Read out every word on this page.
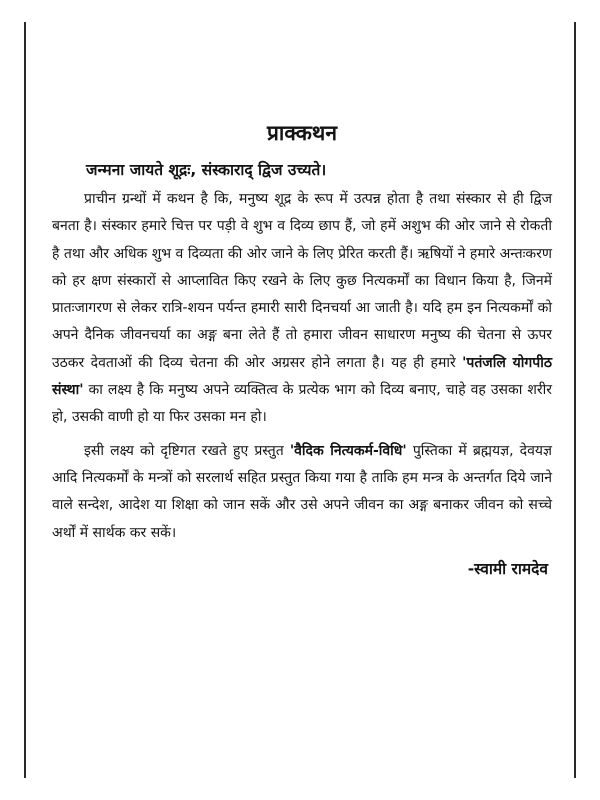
प्राक्कथन
जन्मना जायते शूद्रः, संस्काराद् द्विज उच्यते।

प्राचीन ग्रन्थों में कथन है कि, मनुष्य शूद्र के रूप में उत्पन्न होता है तथा संस्कार से ही द्विज बनता है। संस्कार हमारे चित्त पर पड़ी वे शुभ व दिव्य छाप हैं, जो हमें अशुभ की ओर जाने से रोकती है तथा और अधिक शुभ व दिव्यता की ओर जाने के लिए प्रेरित करती हैं। ऋषियों ने हमारे अन्तःकरण को हर क्षण संस्कारों से आप्लावित किए रखने के लिए कुछ नित्यकर्मों का विधान किया है, जिनमें प्रातःजागरण से लेकर रात्रि-शयन पर्यन्त हमारी सारी दिनचर्या आ जाती है। यदि हम इन नित्यकर्मों को अपने दैनिक जीवनचर्या का अङ्ग बना लेते हैं तो हमारा जीवन साधारण मनुष्य की चेतना से ऊपर उठकर देवताओं की दिव्य चेतना की ओर अग्रसर होने लगता है। यह ही हमारे 'पतंजलि योगपीठ संस्था' का लक्ष्य है कि मनुष्य अपने व्यक्तित्व के प्रत्येक भाग को दिव्य बनाए, चाहे वह उसका शरीर हो, उसकी वाणी हो या फिर उसका मन हो।

इसी लक्ष्य को दृष्टिगत रखते हुए प्रस्तुत 'वैदिक नित्यकर्म-विधि' पुस्तिका में ब्रह्मयज्ञ, देवयज्ञ आदि नित्यकर्मों के मन्त्रों को सरलार्थ सहित प्रस्तुत किया गया है ताकि हम मन्त्र के अन्तर्गत दिये जाने वाले सन्देश, आदेश या शिक्षा को जान सकें और उसे अपने जीवन का अङ्ग बनाकर जीवन को सच्चे अर्थों में सार्थक कर सकें।

-स्वामी रामदेव
